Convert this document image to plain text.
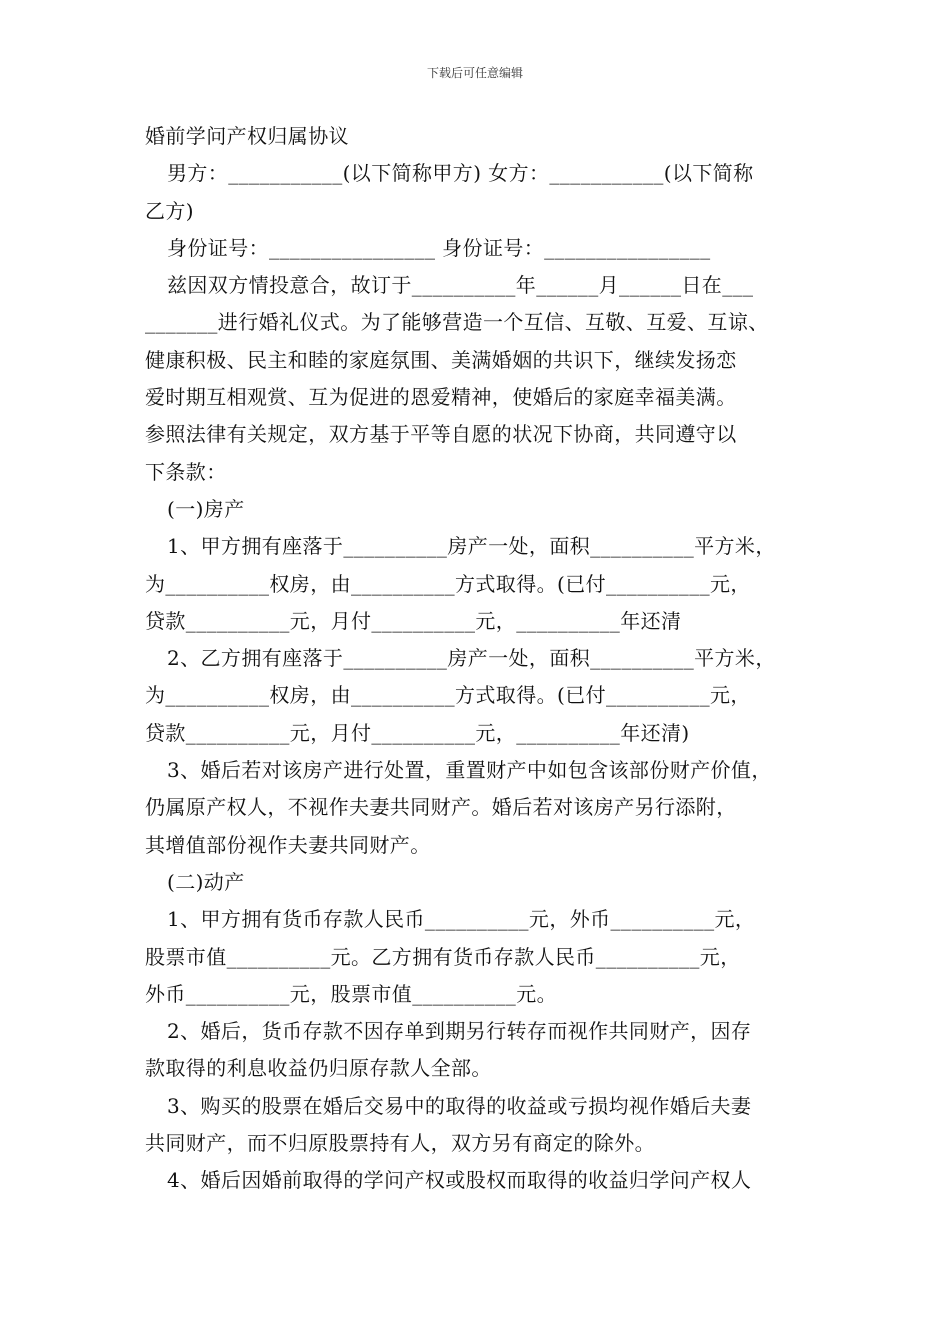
下载后可任意编辑
婚前学问产权归属协议
男方：___________(以下简称甲方) 女方：___________(以下简称
乙方)
身份证号：________________ 身份证号：________________
兹因双方情投意合，故订于__________年______月______日在___
_______进行婚礼仪式。为了能够营造一个互信、互敬、互爱、互谅、
健康积极、民主和睦的家庭氛围、美满婚姻的共识下，继续发扬恋
爱时期互相观赏、互为促进的恩爱精神，使婚后的家庭幸福美满。
参照法律有关规定，双方基于平等自愿的状况下协商，共同遵守以
下条款：
(一)房产
1、甲方拥有座落于__________房产一处，面积__________平方米，
为__________权房，由__________方式取得。(已付__________元，
贷款__________元，月付__________元，__________年还清
2、乙方拥有座落于__________房产一处，面积__________平方米，
为__________权房，由__________方式取得。(已付__________元，
贷款__________元，月付__________元，__________年还清)
3、婚后若对该房产进行处置，重置财产中如包含该部份财产价值，
仍属原产权人，不视作夫妻共同财产。婚后若对该房产另行添附，
其增值部份视作夫妻共同财产。
(二)动产
1、甲方拥有货币存款人民币__________元，外币__________元，
股票市值__________元。乙方拥有货币存款人民币__________元，
外币__________元，股票市值__________元。
2、婚后，货币存款不因存单到期另行转存而视作共同财产，因存
款取得的利息收益仍归原存款人全部。
3、购买的股票在婚后交易中的取得的收益或亏损均视作婚后夫妻
共同财产，而不归原股票持有人，双方另有商定的除外。
4、婚后因婚前取得的学问产权或股权而取得的收益归学问产权人
